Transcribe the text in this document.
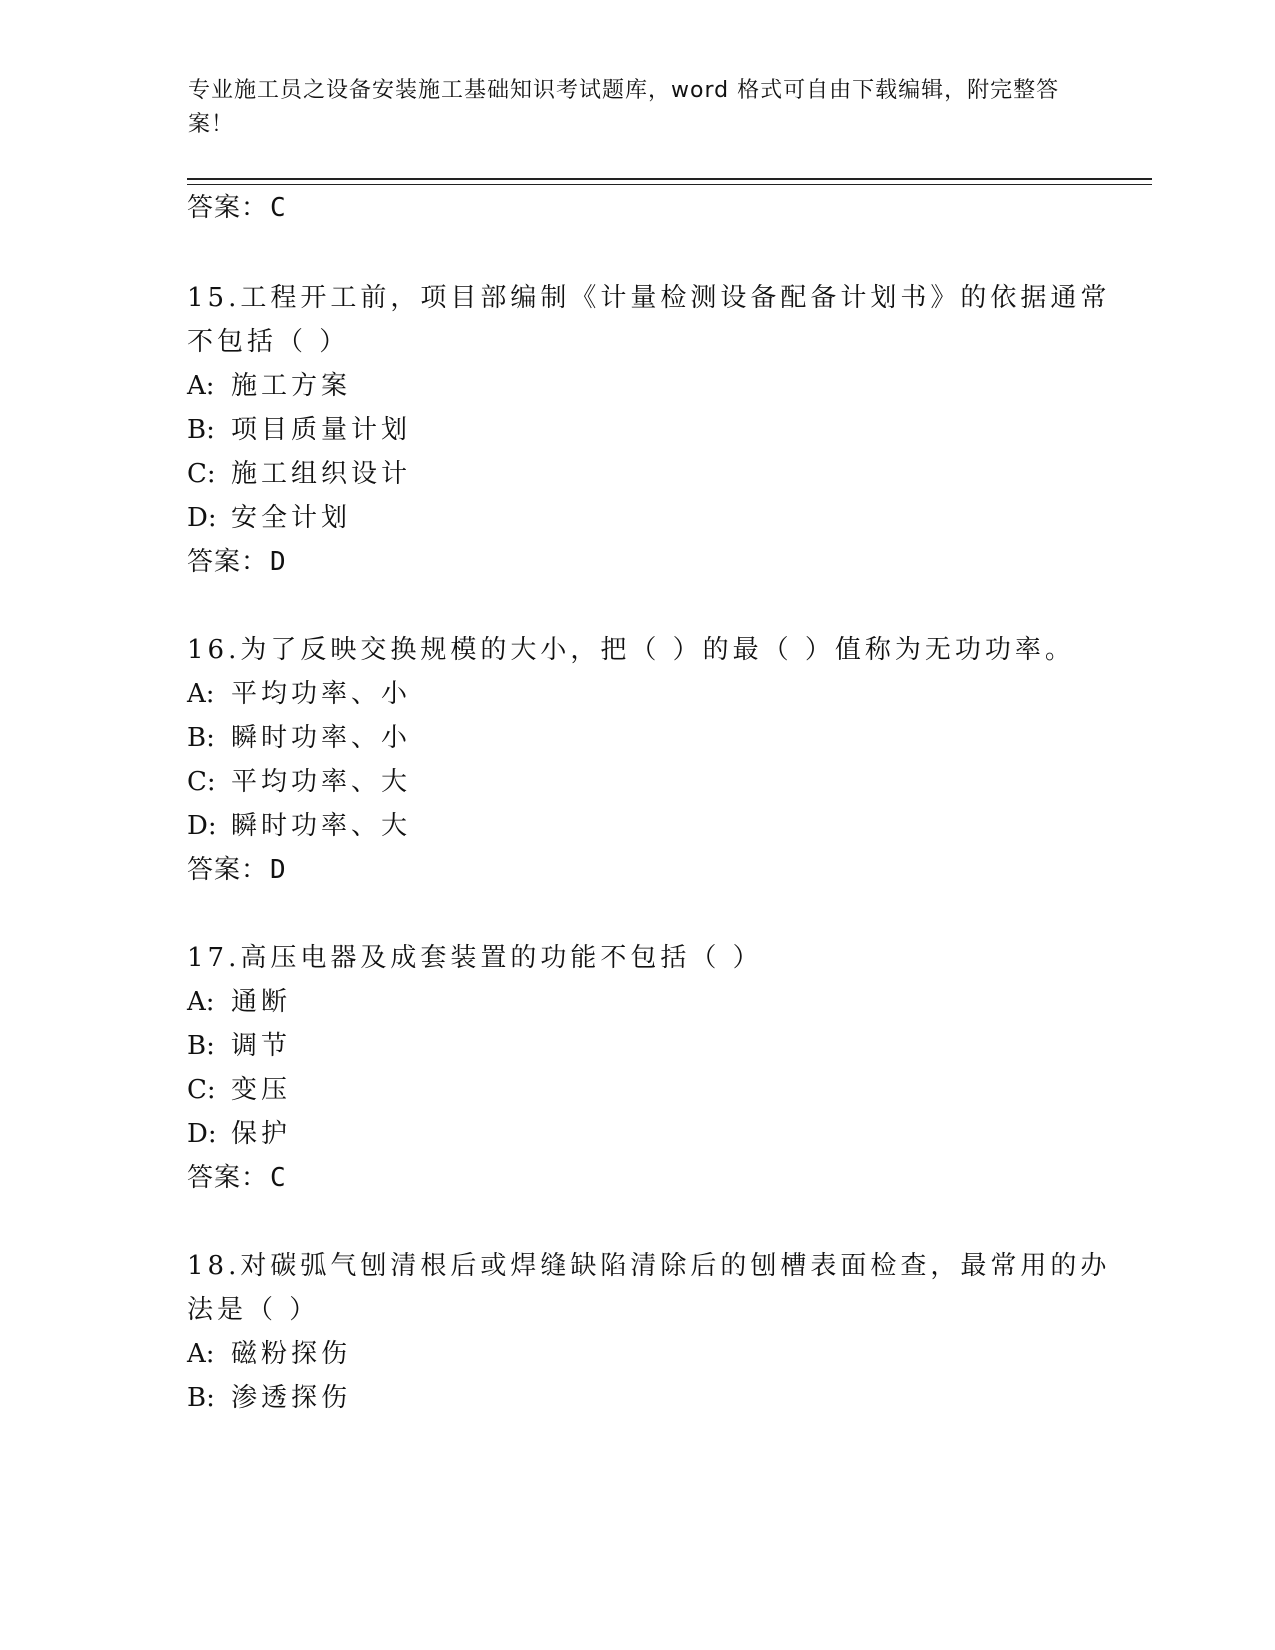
专业施工员之设备安装施工基础知识考试题库，word 格式可自由下载编辑，附完整答案！
答案：C
15.工程开工前，项目部编制《计量检测设备配备计划书》的依据通常
不包括（ ）
A: 施工方案
B: 项目质量计划
C: 施工组织设计
D: 安全计划
答案：D
16.为了反映交换规模的大小，把（ ）的最（ ）值称为无功功率。
A: 平均功率、小
B: 瞬时功率、小
C: 平均功率、大
D: 瞬时功率、大
答案：D
17.高压电器及成套装置的功能不包括（ ）
A: 通断
B: 调节
C: 变压
D: 保护
答案：C
18.对碳弧气刨清根后或焊缝缺陷清除后的刨槽表面检查，最常用的办
法是（ ）
A: 磁粉探伤
B: 渗透探伤
